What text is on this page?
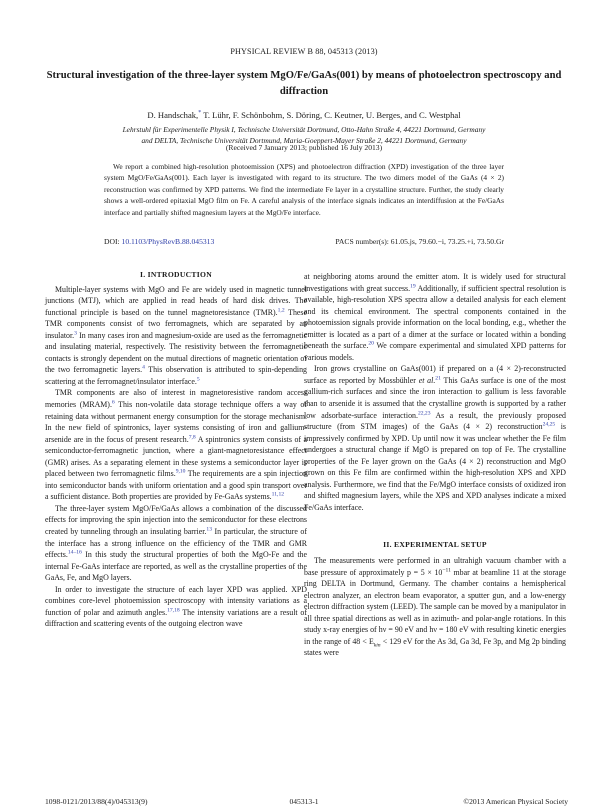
PHYSICAL REVIEW B 88, 045313 (2013)
Structural investigation of the three-layer system MgO/Fe/GaAs(001) by means of photoelectron spectroscopy and diffraction
D. Handschak,* T. Lühr, F. Schönbohm, S. Döring, C. Keutner, U. Berges, and C. Westphal
Lehrstuhl für Experimentelle Physik I, Technische Universität Dortmund, Otto-Hahn Straße 4, 44221 Dortmund, Germany
and DELTA, Technische Universität Dortmund, Maria-Goeppert-Mayer Straße 2, 44221 Dortmund, Germany
(Received 7 January 2013; published 16 July 2013)
We report a combined high-resolution photoemission (XPS) and photoelectron diffraction (XPD) investigation of the three layer system MgO/Fe/GaAs(001). Each layer is investigated with regard to its structure. The two dimers model of the GaAs (4 × 2) reconstruction was confirmed by XPD patterns. We find the intermediate Fe layer in a crystalline structure. Further, the study clearly shows a well-ordered epitaxial MgO film on Fe. A careful analysis of the interface signals indicates an interdiffusion at the Fe/GaAs interface and partially shifted magnesium layers at the MgO/Fe interface.
DOI: 10.1103/PhysRevB.88.045313	PACS number(s): 61.05.js, 79.60.−i, 73.25.+i, 73.50.Gr
I. INTRODUCTION

Multiple-layer systems with MgO and Fe are widely used in magnetic tunnel junctions (MTJ), which are applied in read heads of hard disk drives. The functional principle is based on the tunnel magnetoresistance (TMR).$^{1,2}$ These TMR components consist of two ferromagnets, which are separated by an insulator.$^3$ In many cases iron and magnesium-oxide are used as the ferromagnetic and insulating material, respectively. The resistivity between the ferromagnetic contacts is strongly dependent on the mutual directions of magnetic orientation of the two ferromagnetic layers.$^4$ This observation is attributed to spin-depending scattering at the ferromagnet/insulator interface.$^5$

TMR components are also of interest in magnetoresistive random access memories (MRAM).$^6$ This non-volatile data storage technique offers a way of retaining data without permanent energy consumption for the storage mechanism. In the new field of spintronics, layer systems consisting of iron and gallium-arsenide are in the focus of present research.$^{7,8}$ A spintronics system consists of a semiconductor-ferromagnetic junction, where a giant-magnetoresistance effect (GMR) arises. As a separating element in these systems a semiconductor layer is placed between two ferromagnetic films.$^{9,10}$ The requirements are a spin injection into semiconductor bands with uniform orientation and a good spin transport over a sufficient distance. Both properties are provided by Fe-GaAs systems.$^{11,12}$

The three-layer system MgO/Fe/GaAs allows a combination of the discussed effects for improving the spin injection into the semiconductor for these electrons created by tunneling through an insulating barrier.$^{13}$ In particular, the structure of the interface has a strong influence on the efficiency of the TMR and GMR effects.$^{14-16}$ In this study the structural properties of both the MgO-Fe and the internal Fe-GaAs interface are reported, as well as the crystalline properties of the GaAs, Fe, and MgO layers.

In order to investigate the structure of each layer XPD was applied. XPD combines core-level photoemission spectroscopy with intensity variations as a function of polar and azimuth angles.$^{17,18}$ The intensity variations are a result of diffraction and scattering events of the outgoing electron wave

at neighboring atoms around the emitter atom. It is widely used for structural investigations with great success.$^{19}$ Additionally, if sufficient spectral resolution is available, high-resolution XPS spectra allow a detailed analysis for each element and its chemical environment. The spectral components contained in the photoemission signals provide information on the local bonding, e.g., whether the emitter is located as a part of a dimer at the surface or located within a bonding beneath the surface.$^{20}$ We compare experimental and simulated XPD patterns for various models.

Iron grows crystalline on GaAs(001) if prepared on a (4 × 2)-reconstructed surface as reported by Mossbühler et al.$^{21}$ This GaAs surface is one of the most gallium-rich surfaces and since the iron interaction to gallium is less favorable than to arsenide it is assumed that the crystalline growth is supported by a rather low adsorbate-surface interaction.$^{22,23}$ As a result, the previously proposed structure (from STM images) of the GaAs (4 × 2) reconstruction$^{24,25}$ is impressively confirmed by XPD. Up until now it was unclear whether the Fe film undergoes a structural change if MgO is prepared on top of Fe. The crystalline properties of the Fe layer grown on the GaAs (4 × 2) reconstruction and MgO grown on this Fe film are confirmed within the high-resolution XPS and XPD analysis. Furthermore, we find that the Fe/MgO interface consists of oxidized iron and shifted magnesium layers, while the XPS and XPD analyses indicate a mixed Fe/GaAs interface.

II. EXPERIMENTAL SETUP

The measurements were performed in an ultrahigh vacuum chamber with a base pressure of approximately $p = 5 \times 10^{-11}$ mbar at beamline 11 at the storage ring DELTA in Dortmund, Germany. The chamber contains a hemispherical electron analyzer, an electron beam evaporator, a sputter gun, and a low-energy electron diffraction system (LEED). The sample can be moved by a manipulator in all three spatial directions as well as in azimuth- and polar-angle rotations. In this study x-ray energies of hν = 90 eV and hν = 180 eV with resulting kinetic energies in the range of $48 < E_{kin} < 129$ eV for the As 3d, Ga 3d, Fe 3p, and Mg 2p binding states were

1098-0121/2013/88(4)/045313(9)	045313-1	©2013 American Physical Society
